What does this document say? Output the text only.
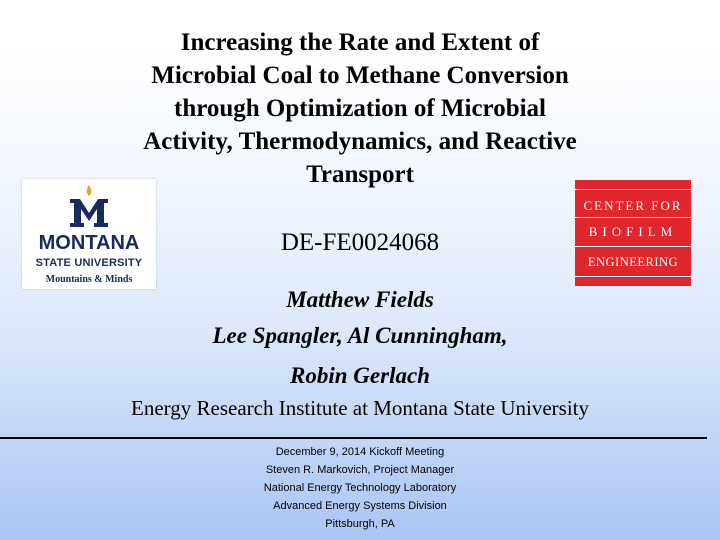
Increasing the Rate and Extent of
Microbial Coal to Methane Conversion
through Optimization of Microbial
Activity, Thermodynamics, and Reactive
Transport
MONTANA
STATE UNIVERSITY
Mountains & Minds
DE-FE0024068
CENTER FOR
BIOFILM
ENGINEERING
Matthew Fields
Lee Spangler, Al Cunningham,
Robin Gerlach
Energy Research Institute at Montana State University
December 9, 2014 Kickoff Meeting
Steven R. Markovich, Project Manager
National Energy Technology Laboratory
Advanced Energy Systems Division
Pittsburgh, PA
